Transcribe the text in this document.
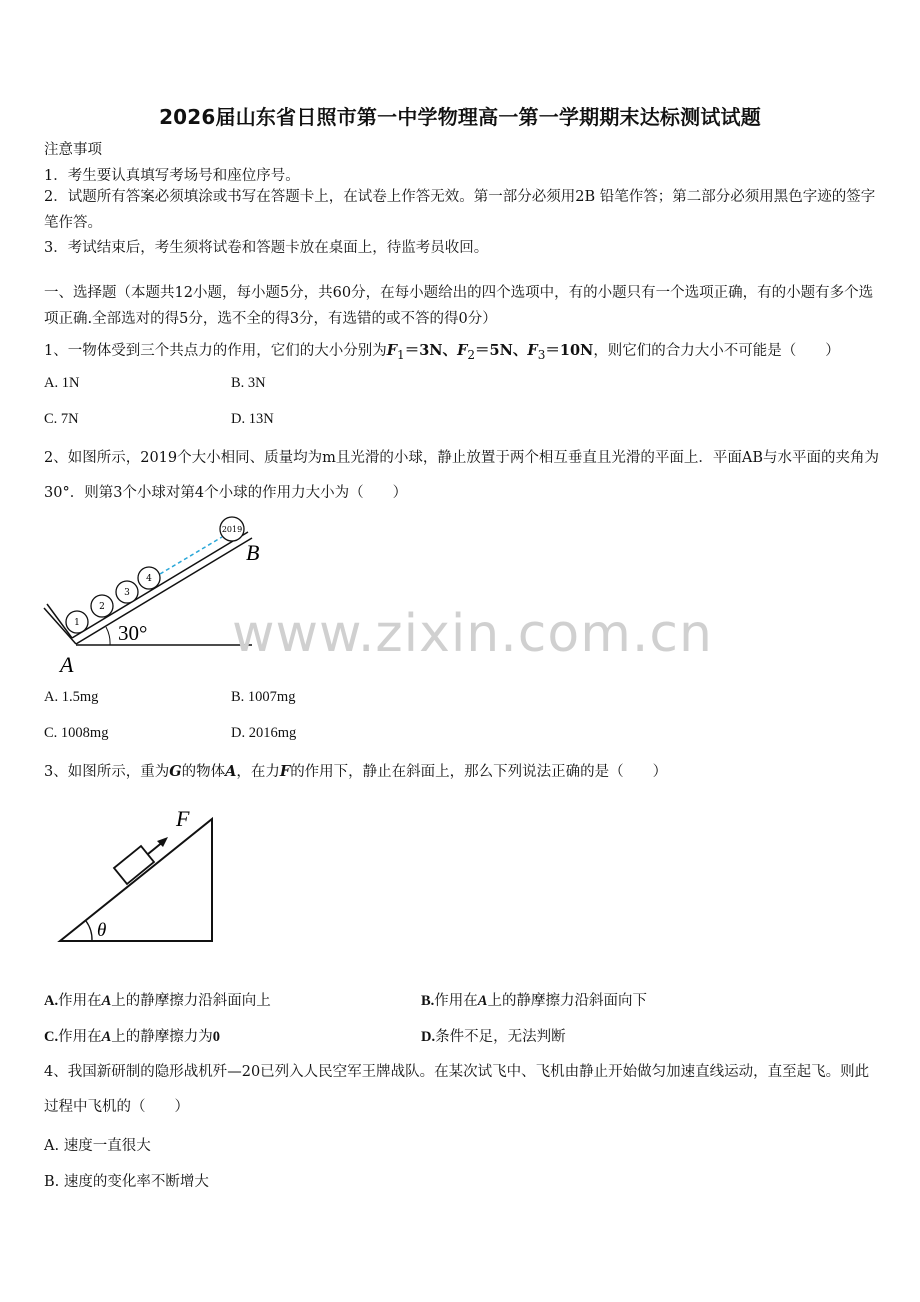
2026届山东省日照市第一中学物理高一第一学期期末达标测试试题
注意事项
1．考生要认真填写考场号和座位序号。
2．试题所有答案必须填涂或书写在答题卡上，在试卷上作答无效。第一部分必须用2B 铅笔作答；第二部分必须用黑色字迹的签字笔作答。
3．考试结束后，考生须将试卷和答题卡放在桌面上，待监考员收回。
一、选择题（本题共12小题，每小题5分，共60分，在每小题给出的四个选项中，有的小题只有一个选项正确，有的小题有多个选项正确.全部选对的得5分，选不全的得3分，有选错的或不答的得0分）
1、一物体受到三个共点力的作用，它们的大小分别为$F_1=3N$、$F_2=5N$、$F_3=10N$，则它们的合力大小不可能是（　　）
A. 1N	B. 3N
C. 7N	D. 13N
2、如图所示，2019个大小相同、质量均为m且光滑的小球，静止放置于两个相互垂直且光滑的平面上．平面AB与水平面的夹角为30°．则第3个小球对第4个小球的作用力大小为（　　）
1
2
3
4
2019
30°
A
B
A. 1.5mg	B. 1007mg
C. 1008mg	D. 2016mg
3、如图所示，重为G的物体A，在力F的作用下，静止在斜面上，那么下列说法正确的是（　　）
F
θ
A.作用在A上的静摩擦力沿斜面向上	B.作用在A上的静摩擦力沿斜面向下
C.作用在A上的静摩擦力为0	D.条件不足，无法判断
4、我国新研制的隐形战机歼—20已列入人民空军王牌战队。在某次试飞中、飞机由静止开始做匀加速直线运动，直至起飞。则此过程中飞机的（　　）
A. 速度一直很大
B. 速度的变化率不断增大
www.zixin.com.cn
